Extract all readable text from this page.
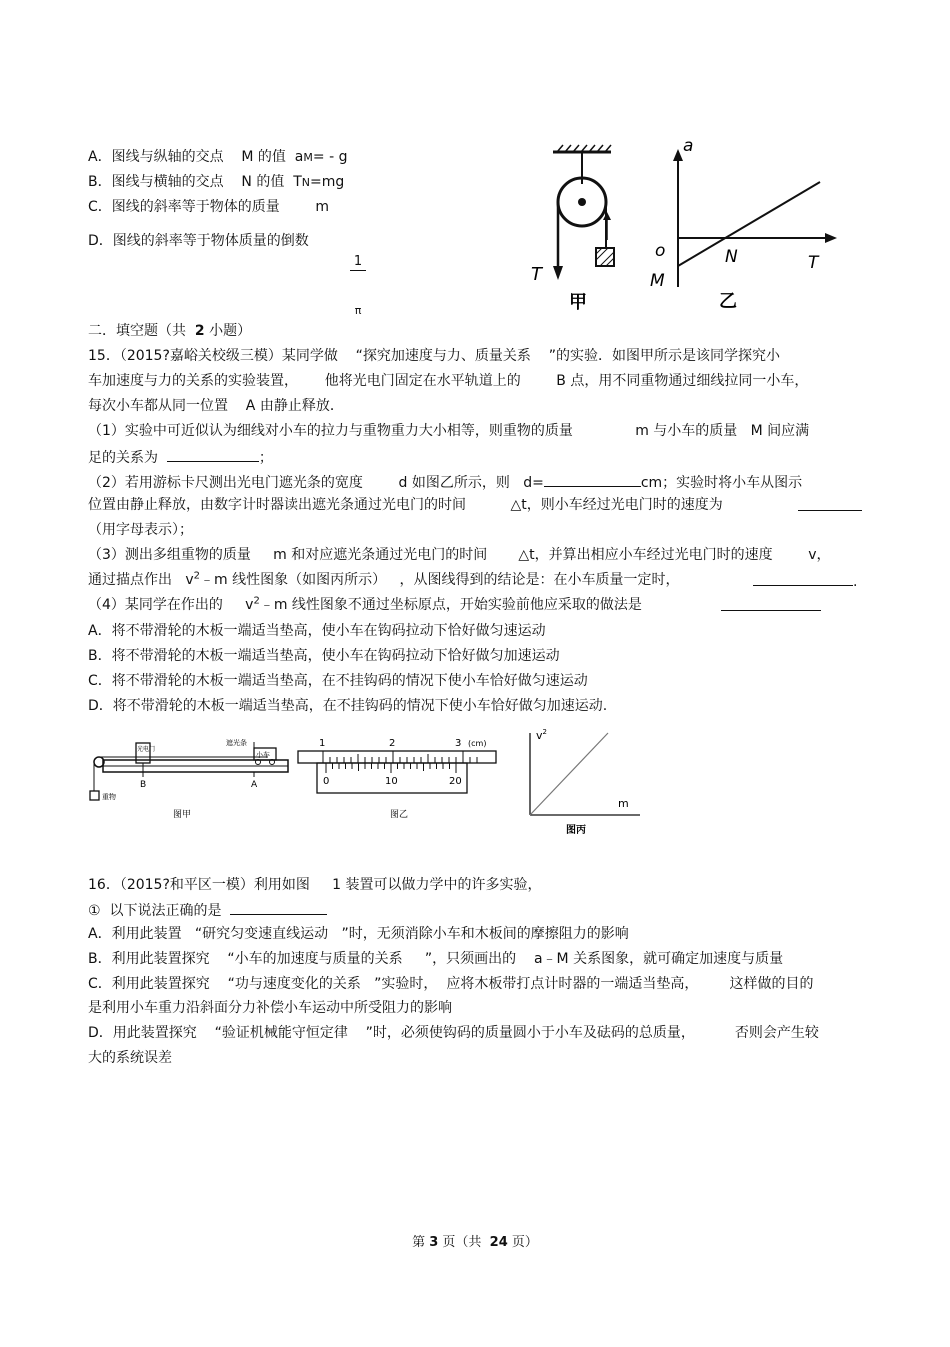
A．图线与纵轴的交点    M 的值  aM= - g
B．图线与横轴的交点    N 的值  TN=mg
C．图线的斜率等于物体的质量        m
D．图线的斜率等于物体质量的倒数

1

π

T
甲
a
o	N	T
M
乙
二．填空题（共  2 小题）
15．（2015?嘉峪关校级三模）某同学做    “探究加速度与力、质量关系    ”的实验．如图甲所示是该同学探究小
车加速度与力的关系的实验装置，      他将光电门固定在水平轨道上的        B 点，用不同重物通过细线拉同一小车，
每次小车都从同一位置    A 由静止释放．
（1）实验中可近似认为细线对小车的拉力与重物重力大小相等，则重物的质量              m 与小车的质量   M 间应满
足的关系为	；
（2）若用游标卡尺测出光电门遮光条的宽度        d 如图乙所示，则   d=	cm；实验时将小车从图示
位置由静止释放，由数字计时器读出遮光条通过光电门的时间          △t，则小车经过光电门时的速度为
（用字母表示）；
（3）测出多组重物的质量     m 和对应遮光条通过光电门的时间       △t，并算出相应小车经过光电门时的速度        v，
通过描点作出   $v^2﹣m$ 线性图象（如图丙所示）   ，从图线得到的结论是：在小车质量一定时，	.
（4）某同学在作出的     $v^2﹣m$ 线性图象不通过坐标原点，开始实验前他应采取的做法是
A．将不带滑轮的木板一端适当垫高，使小车在钩码拉动下恰好做匀速运动
B．将不带滑轮的木板一端适当垫高，使小车在钩码拉动下恰好做匀加速运动
C．将不带滑轮的木板一端适当垫高，在不挂钩码的情况下使小车恰好做匀速运动
D．将不带滑轮的木板一端适当垫高，在不挂钩码的情况下使小车恰好做匀加速运动.
重物
光电门
B
小车
遮光条
A
图甲
1	2	3 (cm)
0	10	20
图乙
$v^2$
m
图丙
16．（2015?和平区一模）利用如图     1 装置可以做力学中的许多实验，
①  以下说法正确的是
A．利用此装置   “研究匀变速直线运动   ”时，无须消除小车和木板间的摩擦阻力的影响
B．利用此装置探究    “小车的加速度与质量的关系     ”，只须画出的    a﹣M 关系图象，就可确定加速度与质量
C．利用此装置探究    “功与速度变化的关系   ”实验时，  应将木板带打点计时器的一端适当垫高，       这样做的目的
是利用小车重力沿斜面分力补偿小车运动中所受阻力的影响
D．用此装置探究    “验证机械能守恒定律    ”时，必须使钩码的质量圆小于小车及砝码的总质量，         否则会产生较
大的系统误差
第 3 页（共  24 页）
